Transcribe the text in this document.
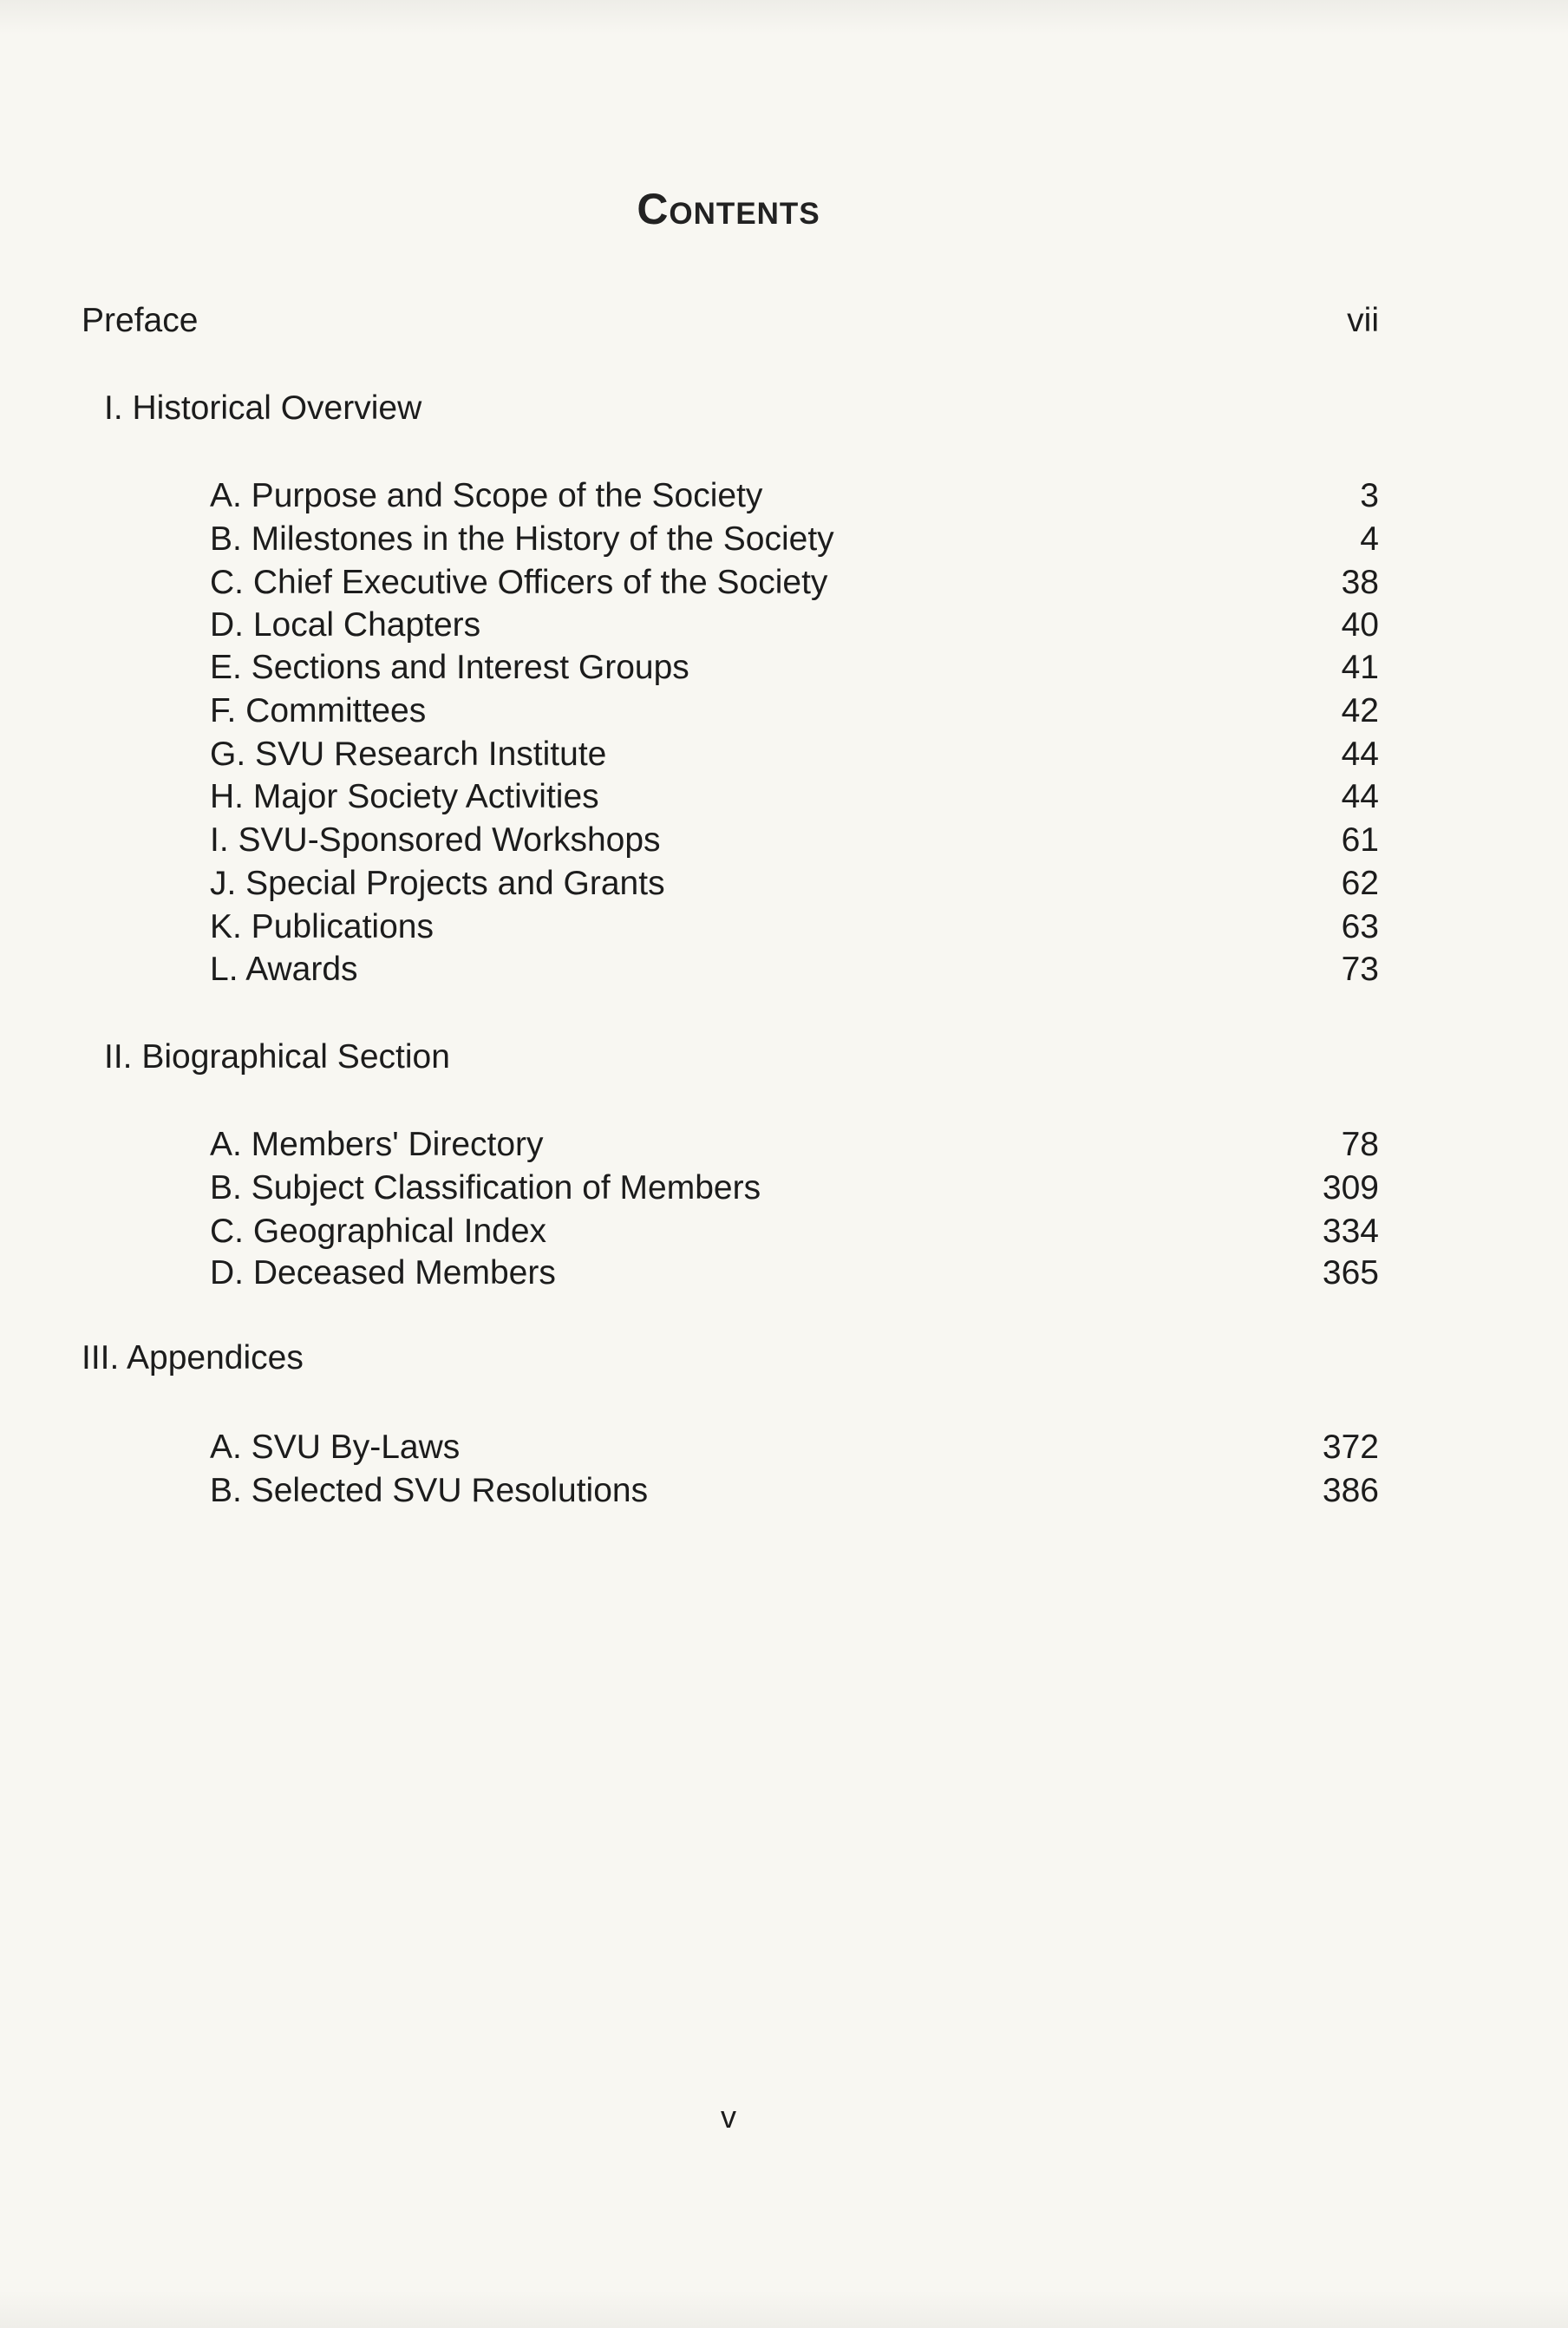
Contents
Preface	vii
I. Historical Overview
A. Purpose and Scope of the Society	3
B. Milestones in the History of the Society	4
C. Chief Executive Officers of the Society	38
D. Local Chapters	40
E. Sections and Interest Groups	41
F. Committees	42
G. SVU Research Institute	44
H. Major Society Activities	44
I. SVU-Sponsored Workshops	61
J. Special Projects and Grants	62
K. Publications	63
L. Awards	73
II. Biographical Section
A. Members' Directory	78
B. Subject Classification of Members	309
C. Geographical Index	334
D. Deceased Members	365
III. Appendices
A. SVU By-Laws	372
B. Selected SVU Resolutions	386
v
